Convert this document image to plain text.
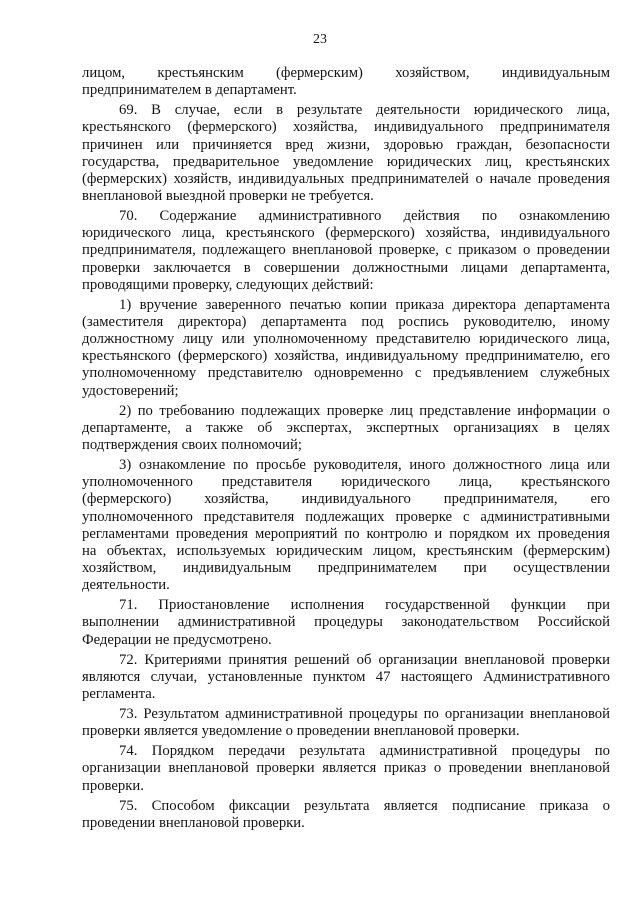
23
лицом, крестьянским (фермерским) хозяйством, индивидуальным
предпринимателем в департамент.
69. В случае, если в результате деятельности юридического лица,
крестьянского (фермерского) хозяйства, индивидуального предпринимателя
причинен или причиняется вред жизни, здоровью граждан, безопасности
государства, предварительное уведомление юридических лиц, крестьянских
(фермерских) хозяйств, индивидуальных предпринимателей о начале проведения
внеплановой выездной проверки не требуется.
70. Содержание административного действия по ознакомлению
юридического лица, крестьянского (фермерского) хозяйства, индивидуального
предпринимателя, подлежащего внеплановой проверке, с приказом о проведении
проверки заключается в совершении должностными лицами департамента,
проводящими проверку, следующих действий:
1) вручение заверенного печатью копии приказа директора департамента
(заместителя директора) департамента под роспись руководителю, иному
должностному лицу или уполномоченному представителю юридического лица,
крестьянского (фермерского) хозяйства, индивидуальному предпринимателю, его
уполномоченному представителю одновременно с предъявлением служебных
удостоверений;
2) по требованию подлежащих проверке лиц представление информации о
департаменте, а также об экспертах, экспертных организациях в целях
подтверждения своих полномочий;
3) ознакомление по просьбе руководителя, иного должностного лица или
уполномоченного представителя юридического лица, крестьянского
(фермерского) хозяйства, индивидуального предпринимателя, его
уполномоченного представителя подлежащих проверке с административными
регламентами проведения мероприятий по контролю и порядком их проведения
на объектах, используемых юридическим лицом, крестьянским (фермерским)
хозяйством, индивидуальным предпринимателем при осуществлении
деятельности.
71. Приостановление исполнения государственной функции при
выполнении административной процедуры законодательством Российской
Федерации не предусмотрено.
72. Критериями принятия решений об организации внеплановой проверки
являются случаи, установленные пунктом 47 настоящего Административного
регламента.
73. Результатом административной процедуры по организации внеплановой
проверки является уведомление о проведении внеплановой проверки.
74. Порядком передачи результата административной процедуры по
организации внеплановой проверки является приказ о проведении внеплановой
проверки.
75. Способом фиксации результата является подписание приказа о
проведении внеплановой проверки.
